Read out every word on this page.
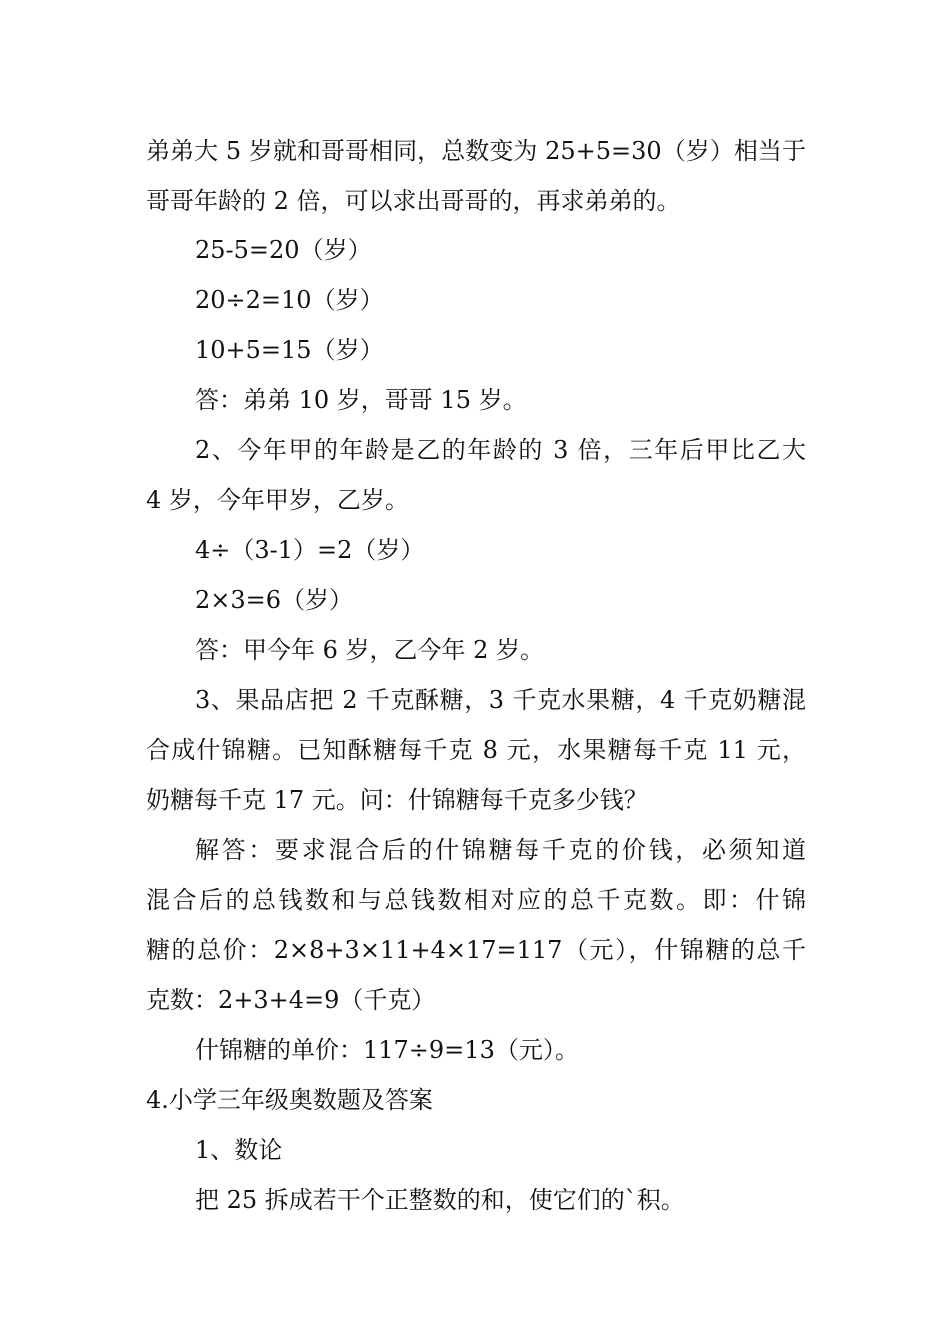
弟弟大 5 岁就和哥哥相同，总数变为 25+5=30（岁）相当于
哥哥年龄的 2 倍，可以求出哥哥的，再求弟弟的。
25-5=20（岁）
20÷2=10（岁）
10+5=15（岁）
答：弟弟 10 岁，哥哥 15 岁。
2、今年甲的年龄是乙的年龄的 3 倍，三年后甲比乙大
4 岁，今年甲岁，乙岁。
4÷（3-1）=2（岁）
2×3=6（岁）
答：甲今年 6 岁，乙今年 2 岁。
3、果品店把 2 千克酥糖，3 千克水果糖，4 千克奶糖混
合成什锦糖。已知酥糖每千克 8 元，水果糖每千克 11 元，
奶糖每千克 17 元。问：什锦糖每千克多少钱？
解答：要求混合后的什锦糖每千克的价钱，必须知道
混合后的总钱数和与总钱数相对应的总千克数。即：什锦
糖的总价：2×8+3×11+4×17=117（元），什锦糖的总千
克数：2+3+4=9（千克）
什锦糖的单价：117÷9=13（元）。
4.小学三年级奥数题及答案
1、数论
把 25 拆成若干个正整数的和，使它们的`积。
